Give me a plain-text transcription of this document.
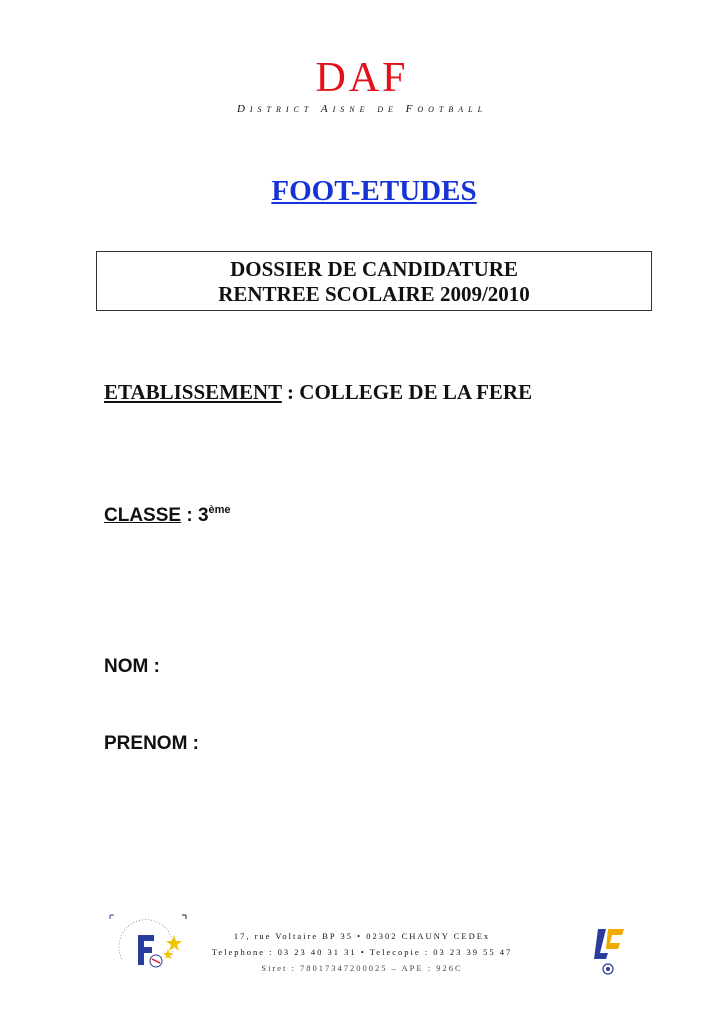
DAF
District Aisne de Football
FOOT-ETUDES
DOSSIER DE CANDIDATURE
RENTREE SCOLAIRE 2009/2010
ETABLISSEMENT : COLLEGE DE LA FERE
CLASSE : 3ème
NOM :
PRENOM :
17, rue Voltaire BP 35 • 02302 CHAUNY CEDEx
Telephone : 03 23 40 31 31 • Telecopie : 03 23 39 55 47
Siret : 78017347200025 – APE : 926C
